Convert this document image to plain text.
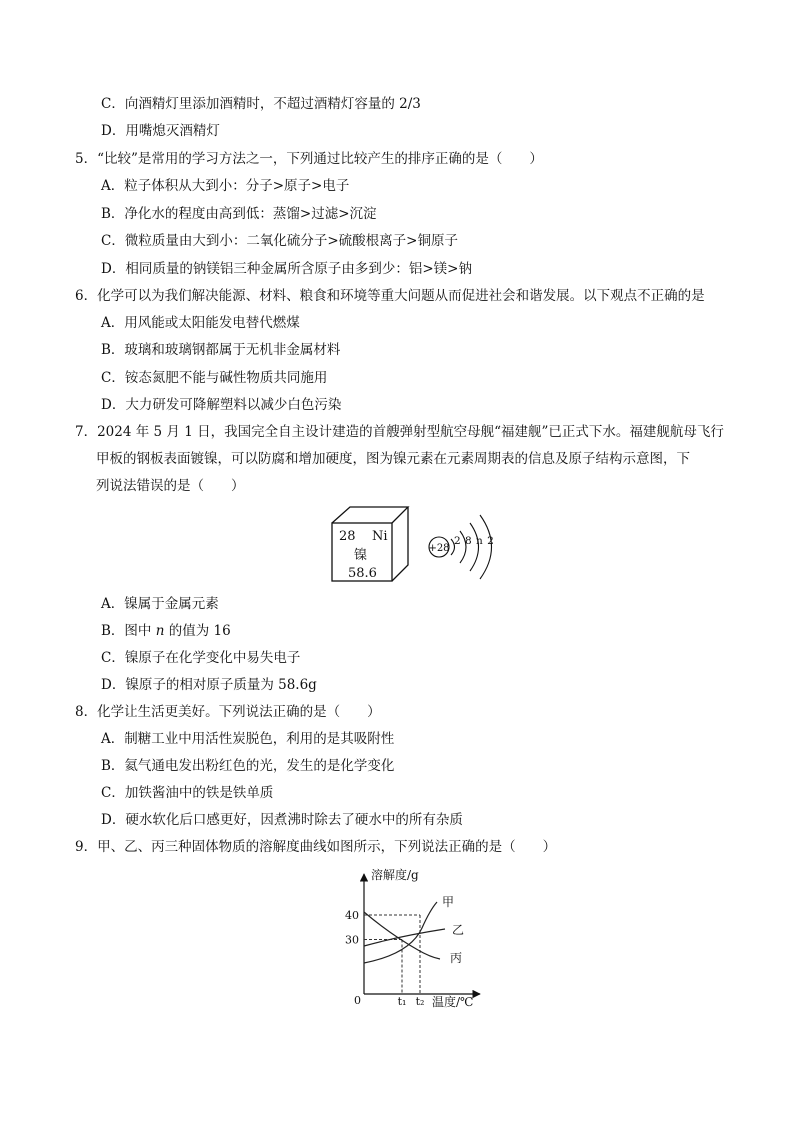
C．向酒精灯里添加酒精时，不超过酒精灯容量的 2/3
D．用嘴熄灭酒精灯
5．“比较”是常用的学习方法之一，下列通过比较产生的排序正确的是（　　）
A．粒子体积从大到小：分子>原子>电子
B．净化水的程度由高到低：蒸馏>过滤>沉淀
C．微粒质量由大到小：二氧化硫分子>硫酸根离子>铜原子
D．相同质量的钠镁铝三种金属所含原子由多到少：铝>镁>钠
6．化学可以为我们解决能源、材料、粮食和环境等重大问题从而促进社会和谐发展。以下观点不正确的是
A．用风能或太阳能发电替代燃煤
B．玻璃和玻璃钢都属于无机非金属材料
C．铵态氮肥不能与碱性物质共同施用
D．大力研发可降解塑料以减少白色污染
7．2024 年 5 月 1 日，我国完全自主设计建造的首艘弹射型航空母舰“福建舰”已正式下水。福建舰航母飞行
甲板的钢板表面镀镍，可以防腐和增加硬度，图为镍元素在元素周期表的信息及原子结构示意图，下
列说法错误的是（　　）
28 Ni
镍
58.6
+28
2 8 n 2
A．镍属于金属元素
B．图中 n 的值为 16
C．镍原子在化学变化中易失电子
D．镍原子的相对原子质量为 58.6g
8．化学让生活更美好。下列说法正确的是（　　）
A．制糖工业中用活性炭脱色，利用的是其吸附性
B．氦气通电发出粉红色的光，发生的是化学变化
C．加铁酱油中的铁是铁单质
D．硬水软化后口感更好，因煮沸时除去了硬水中的所有杂质
9．甲、乙、丙三种固体物质的溶解度曲线如图所示，下列说法正确的是（　　）
溶解度/g
温度/℃
0
30
40
t₁ t₂
甲
乙
丙
